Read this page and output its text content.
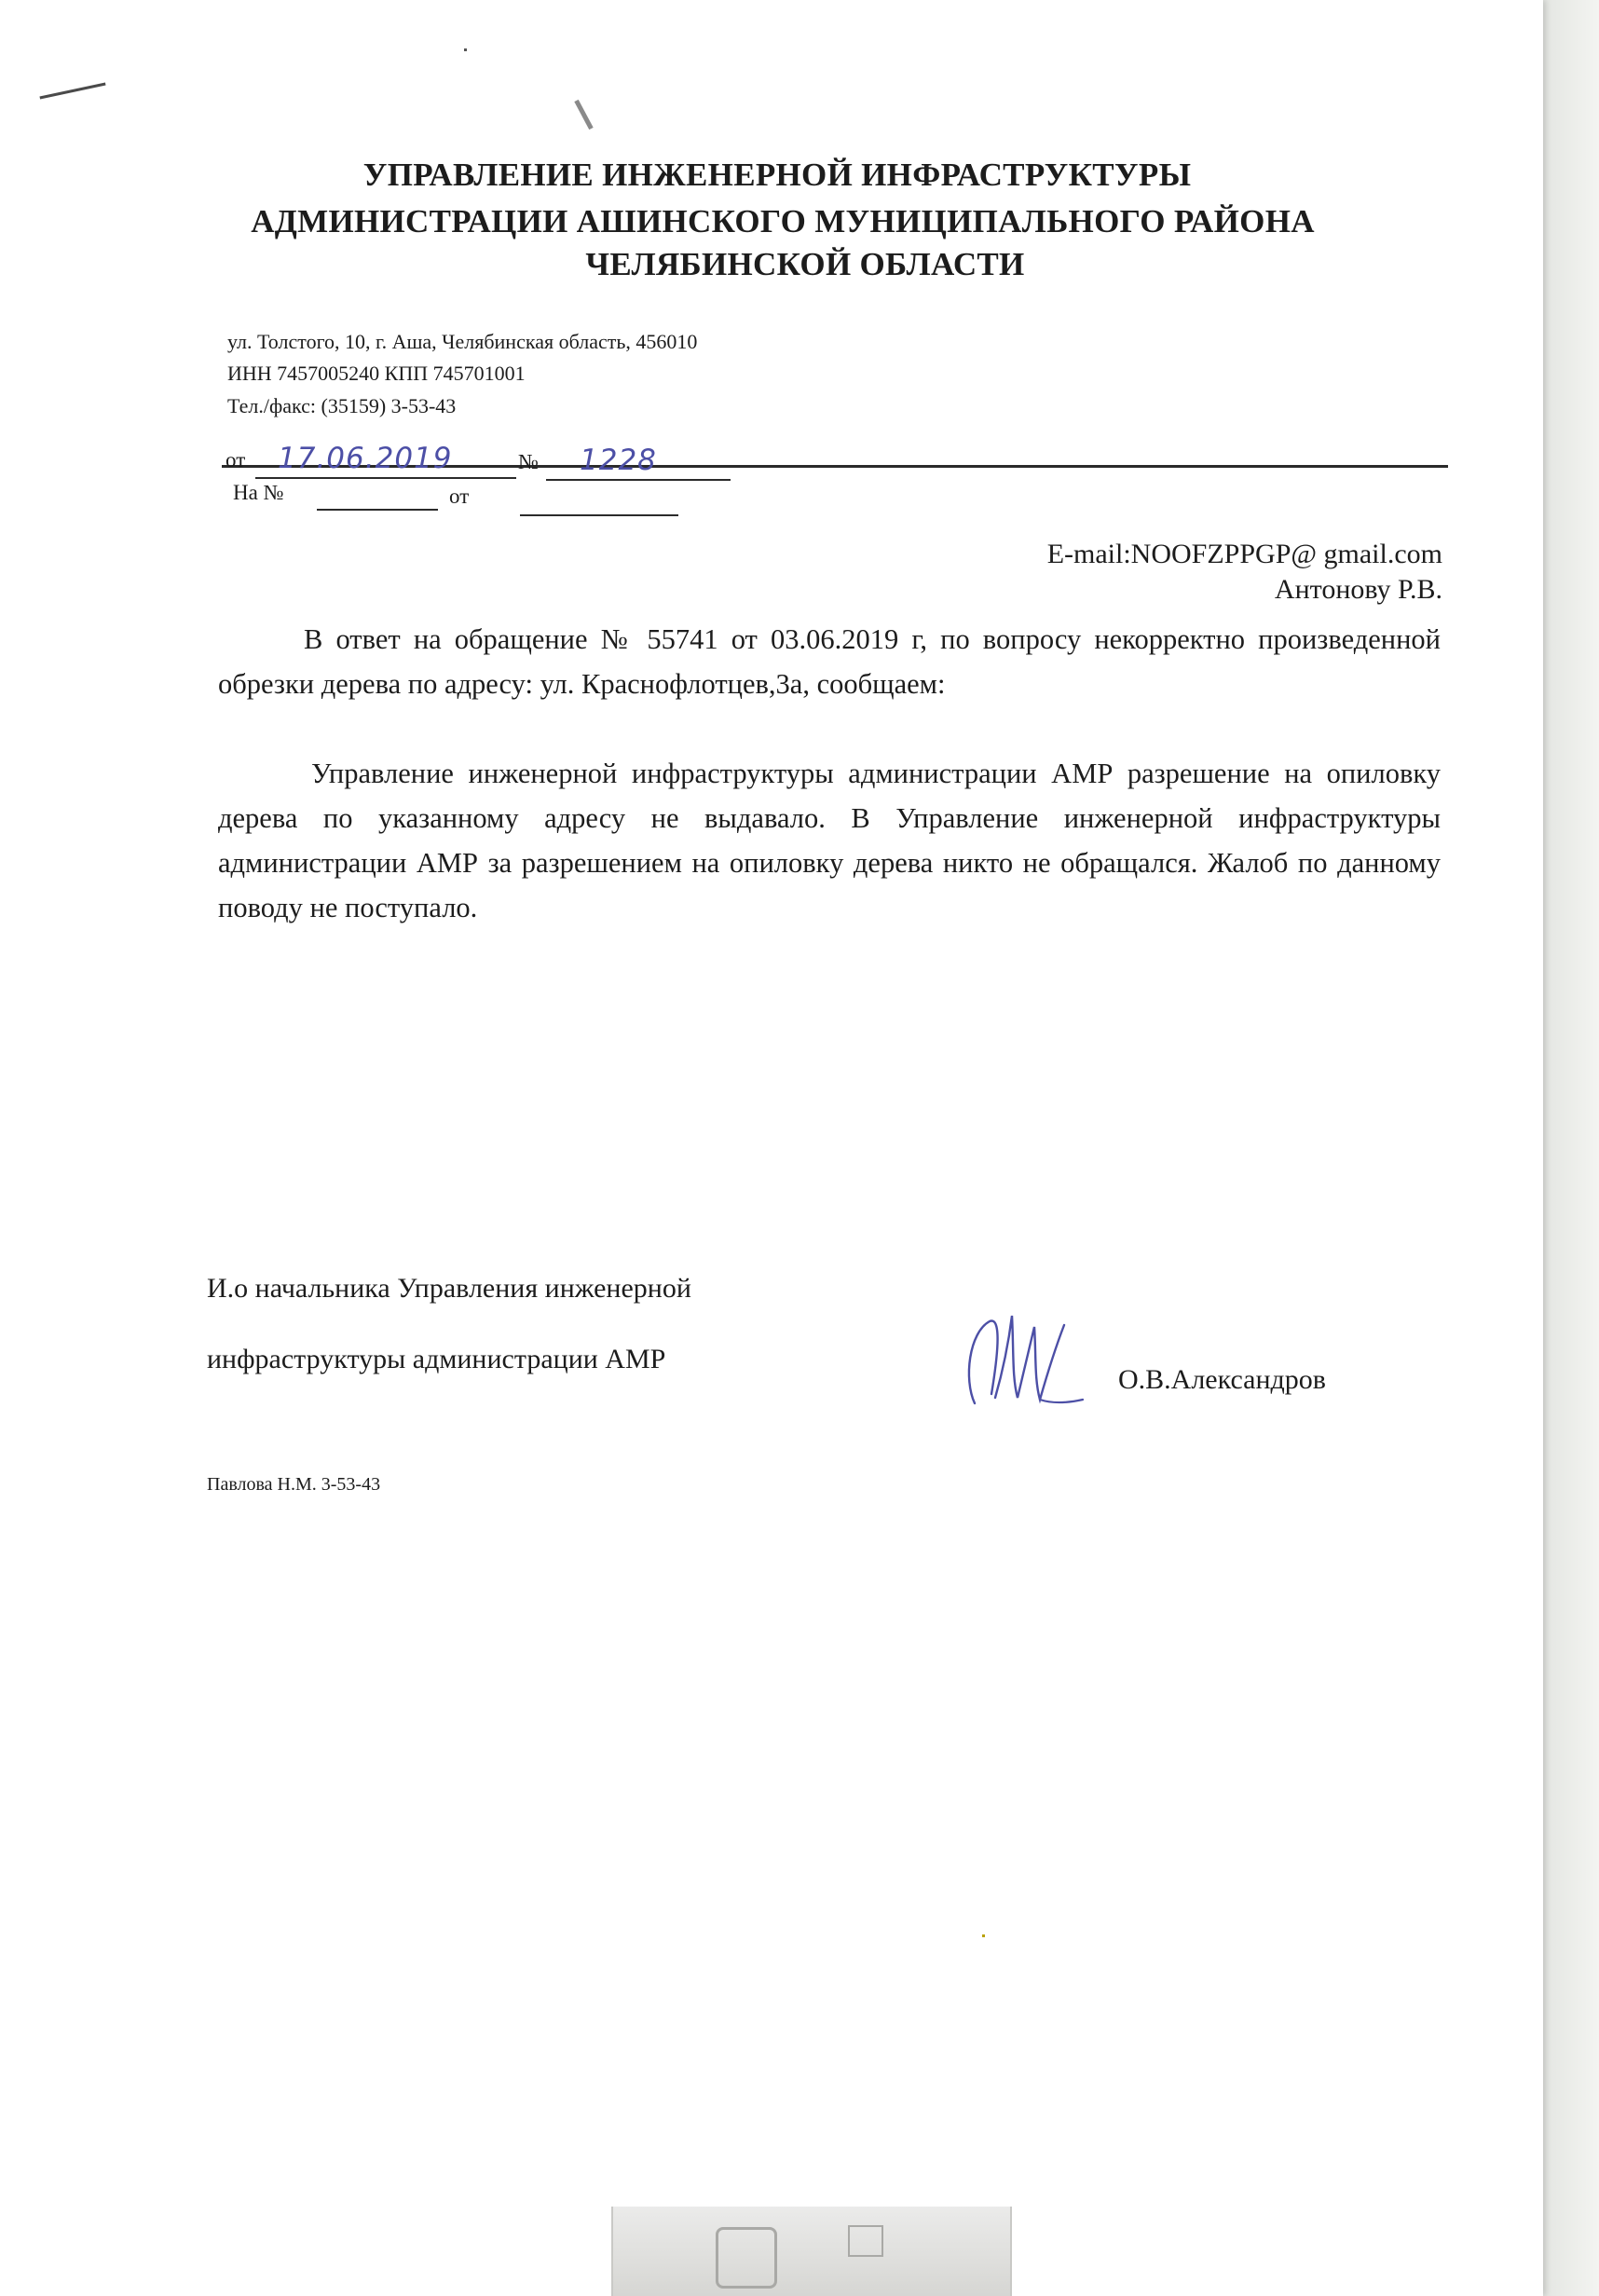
УПРАВЛЕНИЕ ИНЖЕНЕРНОЙ ИНФРАСТРУКТУРЫ
АДМИНИСТРАЦИИ АШИНСКОГО МУНИЦИПАЛЬНОГО РАЙОНА
ЧЕЛЯБИНСКОЙ ОБЛАСТИ
ул. Толстого, 10, г. Аша, Челябинская область, 456010
ИНН 7457005240 КПП 745701001
Тел./факс: (35159) 3-53-43
от 17.06.2019	№ 1228
На №	от
E-mail:NOOFZPPGP@ gmail.com
Антонову Р.В.
В ответ на обращение № 55741 от 03.06.2019 г, по вопросу некорректно произведенной обрезки дерева по адресу: ул. Краснофлотцев,3а, сообщаем:
Управление инженерной инфраструктуры администрации АМР разрешение на опиловку дерева по указанному адресу не выдавало. В Управление инженерной инфраструктуры администрации АМР за разрешением на опиловку дерева никто не обращался. Жалоб по данному поводу не поступало.
И.о начальника Управления инженерной
инфраструктуры администрации АМР
О.В.Александров
Павлова Н.М. 3-53-43
